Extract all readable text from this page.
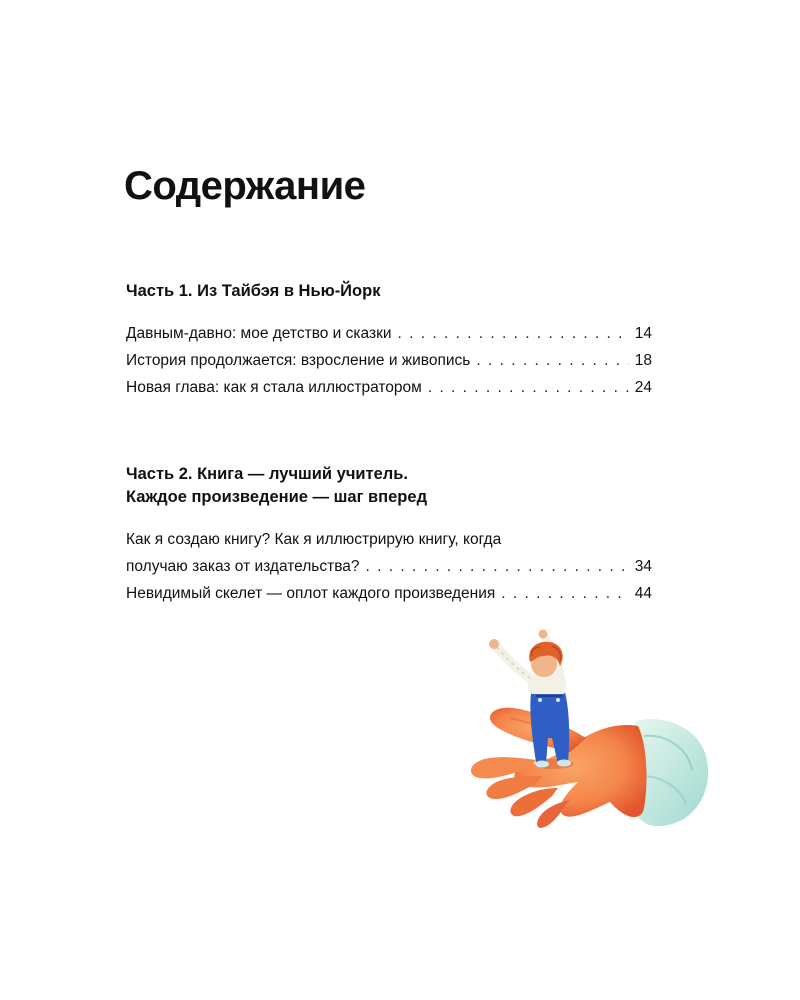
Содержание
Часть 1. Из Тайбэя в Нью-Йорк
Давным-давно: мое детство и сказки . . .	14
История продолжается: взросление и живопись . . .	18
Новая глава: как я стала иллюстратором . . .	24
Часть 2. Книга — лучший учитель.
Каждое произведение — шаг вперед
Как я создаю книгу? Как я иллюстрирую книгу, когда
получаю заказ от издательства? . . .	34
Невидимый скелет — оплот каждого произведения . . .	44
